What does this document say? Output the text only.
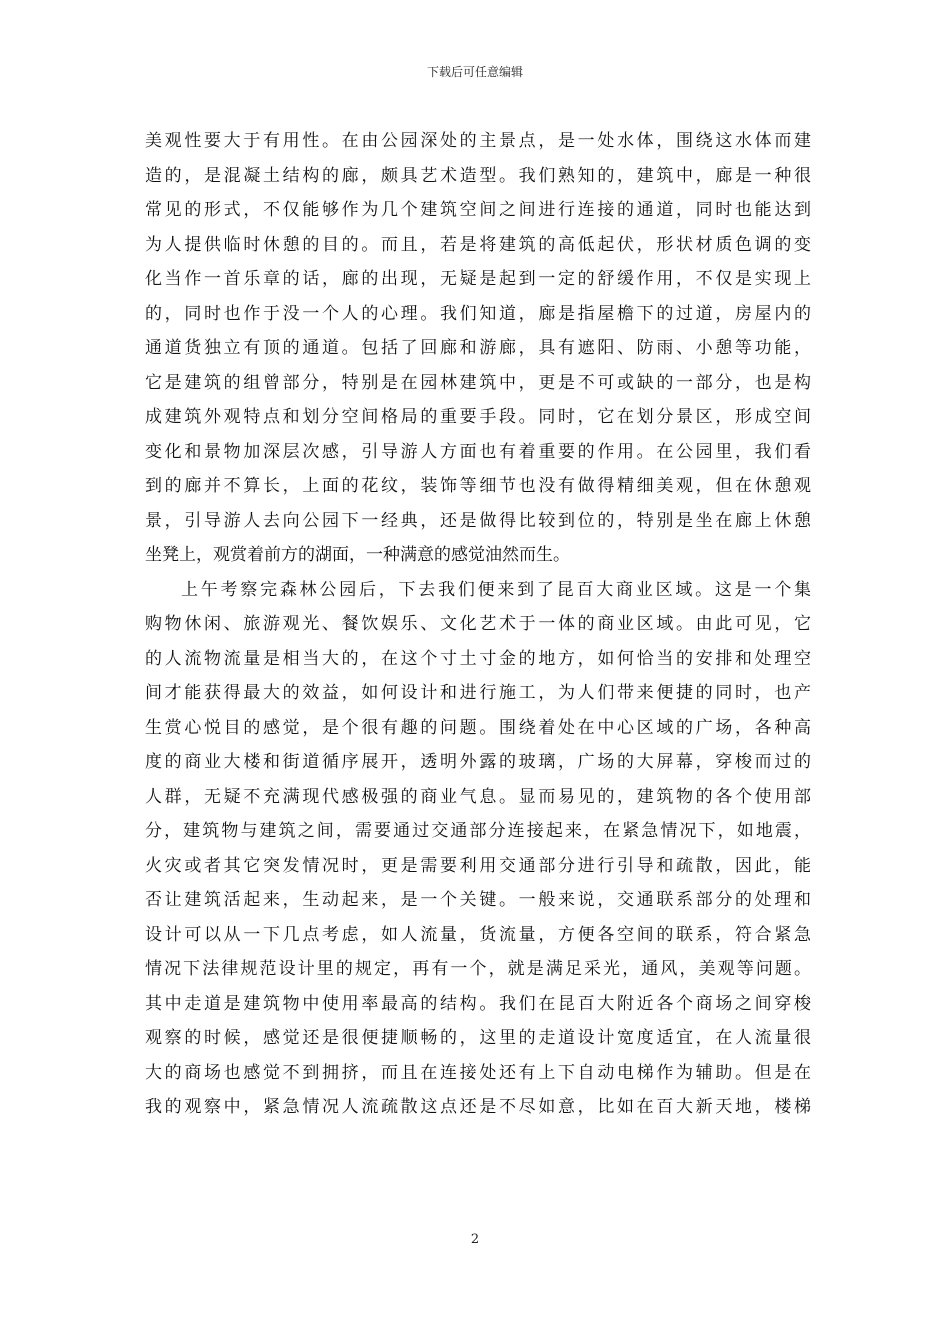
下载后可任意编辑
美观性要大于有用性。在由公园深处的主景点，是一处水体，围绕这水体而建
造的，是混凝土结构的廊，颇具艺术造型。我们熟知的，建筑中，廊是一种很
常见的形式，不仅能够作为几个建筑空间之间进行连接的通道，同时也能达到
为人提供临时休憩的目的。而且，若是将建筑的高低起伏，形状材质色调的变
化当作一首乐章的话，廊的出现，无疑是起到一定的舒缓作用，不仅是实现上
的，同时也作于没一个人的心理。我们知道，廊是指屋檐下的过道，房屋内的
通道货独立有顶的通道。包括了回廊和游廊，具有遮阳、防雨、小憩等功能，
它是建筑的组曾部分，特别是在园林建筑中，更是不可或缺的一部分，也是构
成建筑外观特点和划分空间格局的重要手段。同时，它在划分景区，形成空间
变化和景物加深层次感，引导游人方面也有着重要的作用。在公园里，我们看
到的廊并不算长，上面的花纹，装饰等细节也没有做得精细美观，但在休憩观
景，引导游人去向公园下一经典，还是做得比较到位的，特别是坐在廊上休憩
坐凳上，观赏着前方的湖面，一种满意的感觉油然而生。
上午考察完森林公园后，下去我们便来到了昆百大商业区域。这是一个集
购物休闲、旅游观光、餐饮娱乐、文化艺术于一体的商业区域。由此可见，它
的人流物流量是相当大的，在这个寸土寸金的地方，如何恰当的安排和处理空
间才能获得最大的效益，如何设计和进行施工，为人们带来便捷的同时，也产
生赏心悦目的感觉，是个很有趣的问题。围绕着处在中心区域的广场，各种高
度的商业大楼和街道循序展开，透明外露的玻璃，广场的大屏幕，穿梭而过的
人群，无疑不充满现代感极强的商业气息。显而易见的，建筑物的各个使用部
分，建筑物与建筑之间，需要通过交通部分连接起来，在紧急情况下，如地震，
火灾或者其它突发情况时，更是需要利用交通部分进行引导和疏散，因此，能
否让建筑活起来，生动起来，是一个关键。一般来说，交通联系部分的处理和
设计可以从一下几点考虑，如人流量，货流量，方便各空间的联系，符合紧急
情况下法律规范设计里的规定，再有一个，就是满足采光，通风，美观等问题。
其中走道是建筑物中使用率最高的结构。我们在昆百大附近各个商场之间穿梭
观察的时候，感觉还是很便捷顺畅的，这里的走道设计宽度适宜，在人流量很
大的商场也感觉不到拥挤，而且在连接处还有上下自动电梯作为辅助。但是在
我的观察中，紧急情况人流疏散这点还是不尽如意，比如在百大新天地，楼梯
2
